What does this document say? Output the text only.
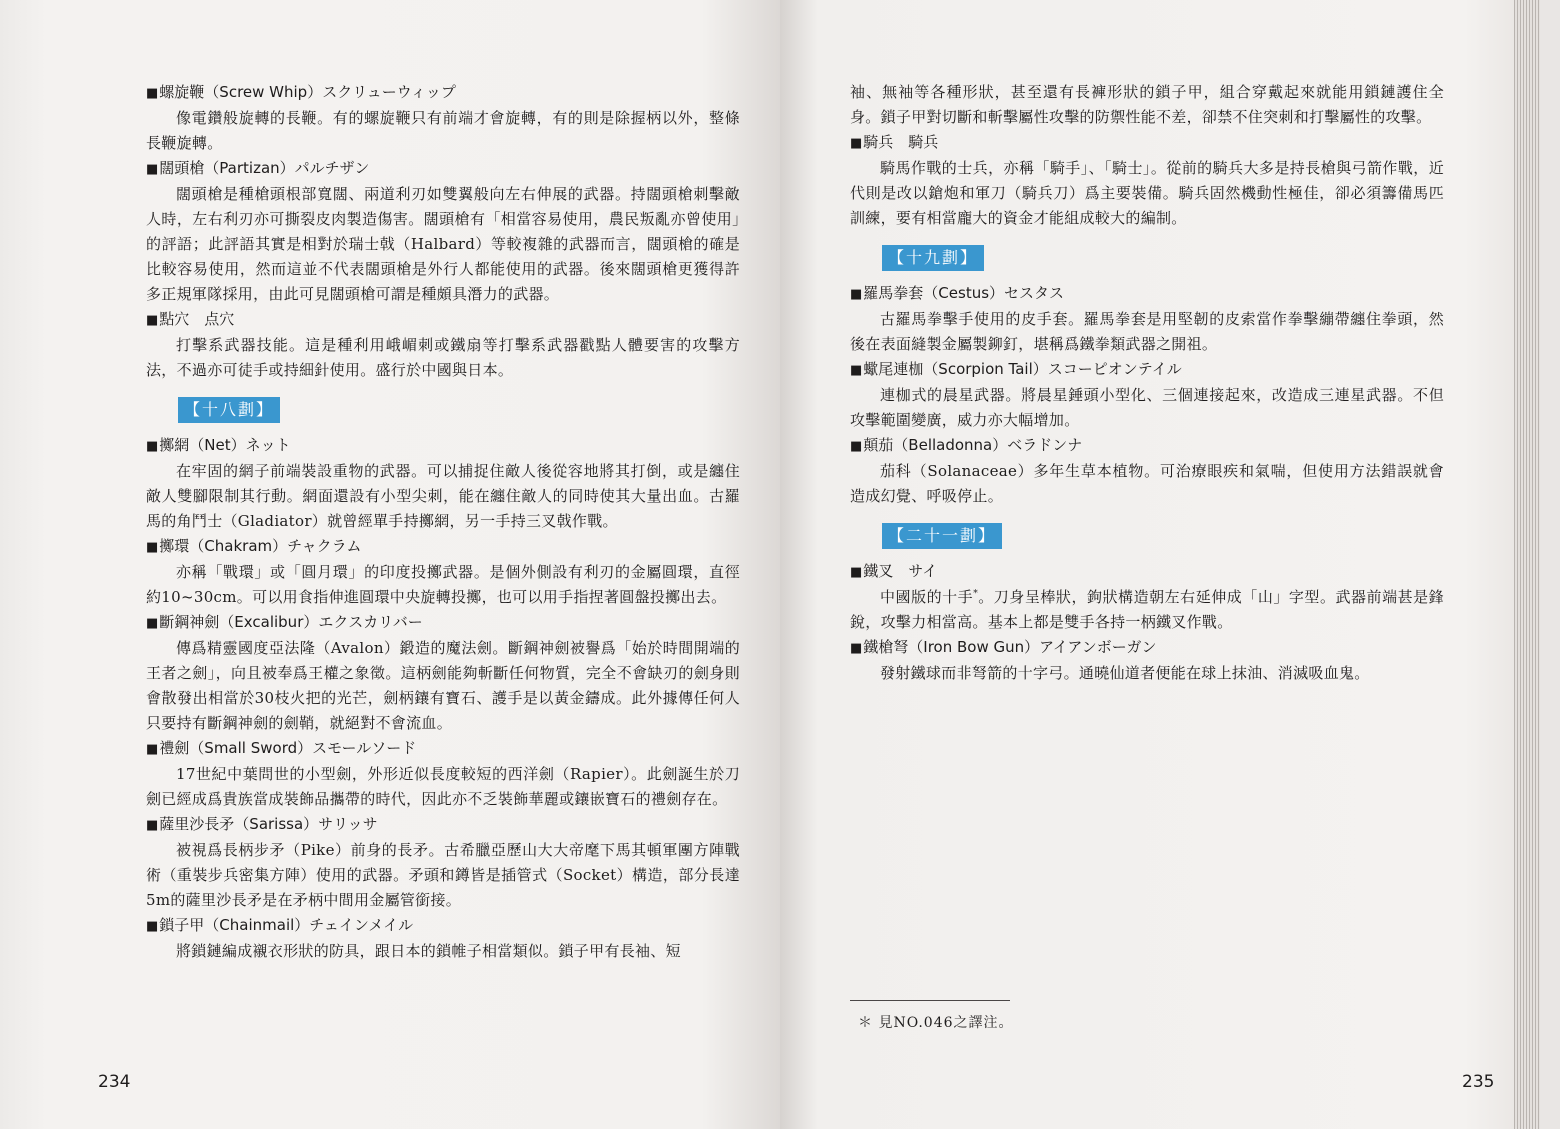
■螺旋鞭（Screw Whip）スクリューウィップ

像電鑽般旋轉的長鞭。有的螺旋鞭只有前端才會旋轉，有的則是除握柄以外，整條長鞭旋轉。

■闊頭槍（Partizan）パルチザン

闊頭槍是種槍頭根部寬闊、兩道利刃如雙翼般向左右伸展的武器。持闊頭槍刺擊敵人時，左右利刃亦可撕裂皮肉製造傷害。闊頭槍有「相當容易使用，農民叛亂亦曾使用」的評語；此評語其實是相對於瑞士戟（Halbard）等較複雜的武器而言，闊頭槍的確是比較容易使用，然而這並不代表闊頭槍是外行人都能使用的武器。後來闊頭槍更獲得許多正規軍隊採用，由此可見闊頭槍可謂是種頗具潛力的武器。

■點穴　点穴

打擊系武器技能。這是種利用峨嵋刺或鐵扇等打擊系武器戳點人體要害的攻擊方法，不過亦可徒手或持細針使用。盛行於中國與日本。

【十八劃】

■擲網（Net）ネット

在牢固的網子前端裝設重物的武器。可以捕捉住敵人後從容地將其打倒，或是纏住敵人雙腳限制其行動。網面還設有小型尖刺，能在纏住敵人的同時使其大量出血。古羅馬的角鬥士（Gladiator）就曾經單手持擲網，另一手持三叉戟作戰。

■擲環（Chakram）チャクラム

亦稱「戰環」或「圓月環」的印度投擲武器。是個外側設有利刃的金屬圓環，直徑約10~30cm。可以用食指伸進圓環中央旋轉投擲，也可以用手指捏著圓盤投擲出去。

■斷鋼神劍（Excalibur）エクスカリバー

傳爲精靈國度亞法隆（Avalon）鍛造的魔法劍。斷鋼神劍被譽爲「始於時間開端的王者之劍」，向且被奉爲王權之象徵。這柄劍能夠斬斷任何物質，完全不會缺刃的劍身則會散發出相當於30枝火把的光芒，劍柄鑲有寶石、護手是以黃金鑄成。此外據傳任何人只要持有斷鋼神劍的劍鞘，就絕對不會流血。

■禮劍（Small Sword）スモールソード

17世紀中葉問世的小型劍，外形近似長度較短的西洋劍（Rapier）。此劍誕生於刀劍已經成爲貴族當成裝飾品攜帶的時代，因此亦不乏裝飾華麗或鑲嵌寶石的禮劍存在。

■薩里沙長矛（Sarissa）サリッサ

被視爲長柄步矛（Pike）前身的長矛。古希臘亞歷山大大帝麾下馬其頓軍團方陣戰術（重裝步兵密集方陣）使用的武器。矛頭和鐏皆是插管式（Socket）構造，部分長達5m的薩里沙長矛是在矛柄中間用金屬管銜接。

■鎖子甲（Chainmail）チェインメイル

將鎖鏈編成襯衣形狀的防具，跟日本的鎖帷子相當類似。鎖子甲有長袖、短

234

袖、無袖等各種形狀，甚至還有長褲形狀的鎖子甲，組合穿戴起來就能用鎖鏈護住全身。鎖子甲對切斷和斬擊屬性攻擊的防禦性能不差，卻禁不住突刺和打擊屬性的攻擊。

■騎兵　騎兵

騎馬作戰的士兵，亦稱「騎手」、「騎士」。從前的騎兵大多是持長槍與弓箭作戰，近代則是改以鎗炮和軍刀（騎兵刀）爲主要裝備。騎兵固然機動性極佳，卻必須籌備馬匹訓練，要有相當龐大的資金才能組成較大的編制。

【十九劃】

■羅馬拳套（Cestus）セスタス

古羅馬拳擊手使用的皮手套。羅馬拳套是用堅韌的皮索當作拳擊繃帶纏住拳頭，然後在表面縫製金屬製鉚釘，堪稱爲鐵拳類武器之開祖。

■蠍尾連枷（Scorpion Tail）スコーピオンテイル

連枷式的晨星武器。將晨星錘頭小型化、三個連接起來，改造成三連星武器。不但攻擊範圍變廣，威力亦大幅增加。

■顛茄（Belladonna）ベラドンナ

茄科（Solanaceae）多年生草本植物。可治療眼疾和氣喘，但使用方法錯誤就會造成幻覺、呼吸停止。

【二十一劃】

■鐵叉　サイ

中國版的十手*。刀身呈棒狀，鉤狀構造朝左右延伸成「山」字型。武器前端甚是鋒銳，攻擊力相當高。基本上都是雙手各持一柄鐵叉作戰。

■鐵槍弩（Iron Bow Gun）アイアンボーガン

發射鐵球而非弩箭的十字弓。通曉仙道者便能在球上抹油、消滅吸血鬼。

＊ 見NO.046之譯注。
235
